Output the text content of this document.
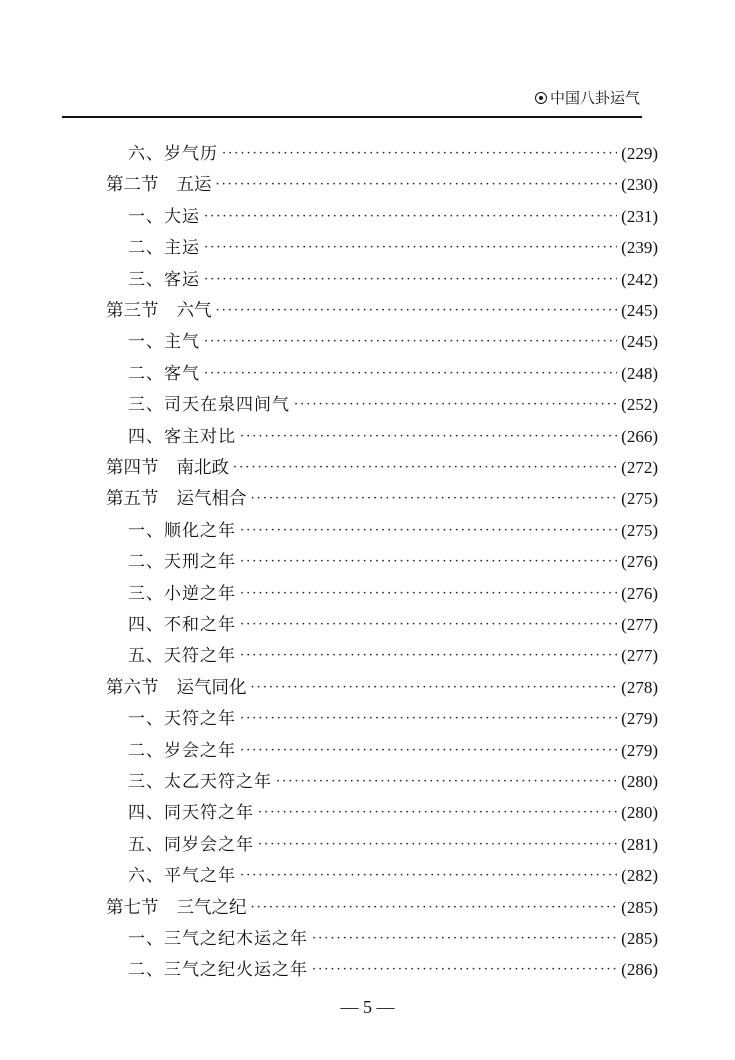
中国八卦运气
六、岁气历 ·····	(229)
第二节 五运 ·····	(230)
一、大运 ·····	(231)
二、主运 ·····	(239)
三、客运 ·····	(242)
第三节 六气 ·····	(245)
一、主气 ·····	(245)
二、客气 ·····	(248)
三、司天在泉四间气 ·····	(252)
四、客主对比 ·····	(266)
第四节 南北政 ·····	(272)
第五节 运气相合 ·····	(275)
一、顺化之年 ·····	(275)
二、天刑之年 ·····	(276)
三、小逆之年 ·····	(276)
四、不和之年 ·····	(277)
五、天符之年 ·····	(277)
第六节 运气同化 ·····	(278)
一、天符之年 ·····	(279)
二、岁会之年 ·····	(279)
三、太乙天符之年 ·····	(280)
四、同天符之年 ·····	(280)
五、同岁会之年 ·····	(281)
六、平气之年 ·····	(282)
第七节 三气之纪 ·····	(285)
一、三气之纪木运之年 ·····	(285)
二、三气之纪火运之年 ·····	(286)
— 5 —
